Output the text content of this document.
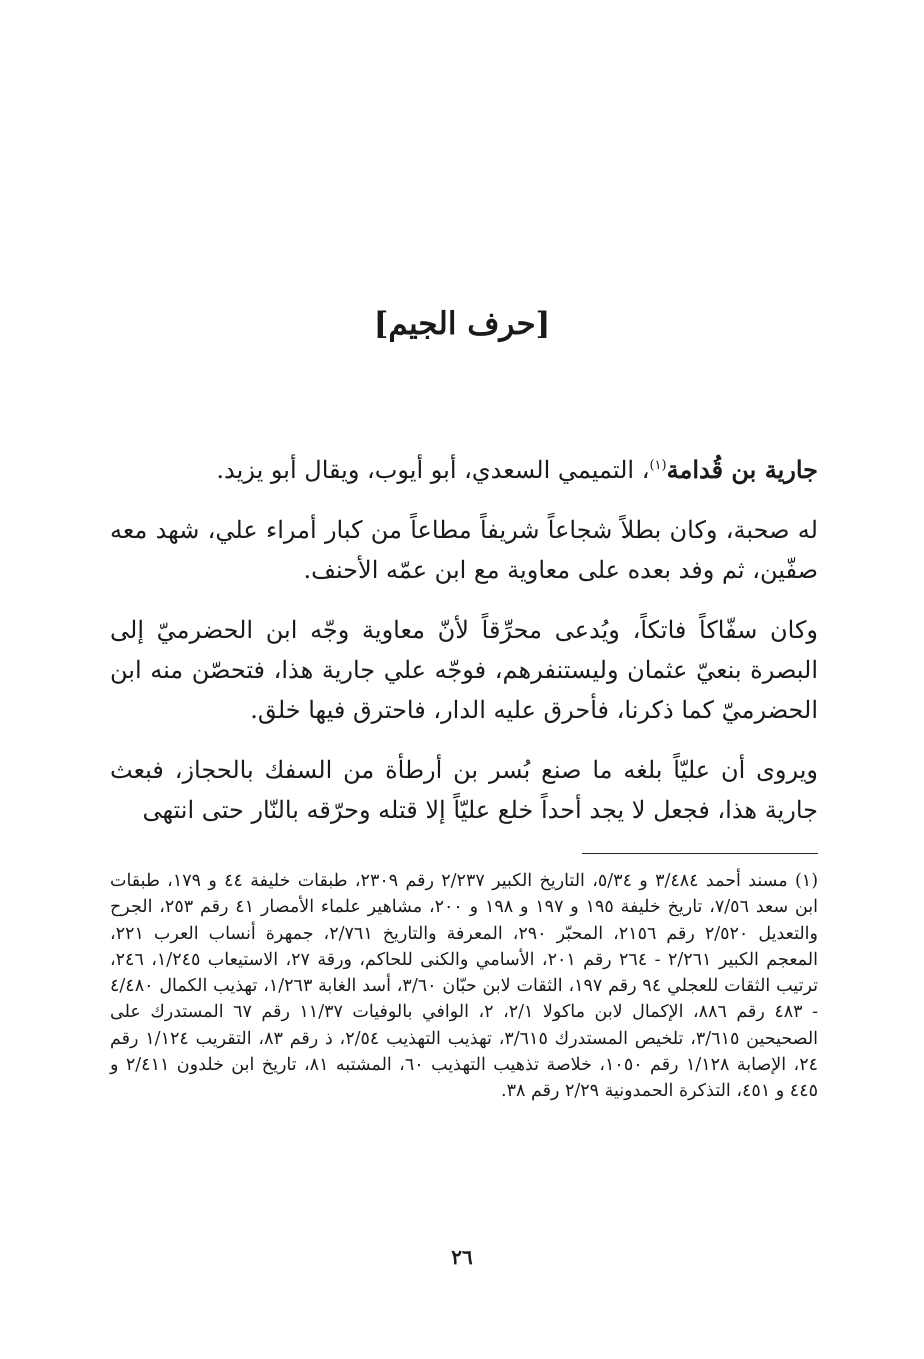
[حرف الجيم]

جارية بن قُدامة$^{(١)}$، التميمي السعدي، أبو أيوب، ويقال أبو يزيد.

له صحبة، وكان بطلاً شجاعاً شريفاً مطاعاً من كبار أمراء علي، شهد معه صفّين، ثم وفد بعده على معاوية مع ابن عمّه الأحنف.

وكان سفّاكاً فاتكاً، ويُدعى محرِّقاً لأنّ معاوية وجّه ابن الحضرميّ إلى البصرة بنعيّ عثمان وليستنفرهم، فوجّه علي جارية هذا، فتحصّن منه ابن الحضرميّ كما ذكرنا، فأحرق عليه الدار، فاحترق فيها خلق.

ويروى أن عليّاً بلغه ما صنع بُسر بن أرطأة من السفك بالحجاز، فبعث جارية هذا، فجعل لا يجد أحداً خلع عليّاً إلا قتله وحرّقه بالنّار حتى انتهى

(١) مسند أحمد ٣/٤٨٤ و ٥/٣٤، التاريخ الكبير ٢/٢٣٧ رقم ٢٣٠٩، طبقات خليفة ٤٤ و ١٧٩، طبقات ابن سعد ٧/٥٦، تاريخ خليفة ١٩٥ و ١٩٧ و ١٩٨ و ٢٠٠، مشاهير علماء الأمصار ٤١ رقم ٢٥٣، الجرح والتعديل ٢/٥٢٠ رقم ٢١٥٦، المحبّر ٢٩٠، المعرفة والتاريخ ٢/٧٦١، جمهرة أنساب العرب ٢٢١، المعجم الكبير ٢/٢٦١ - ٢٦٤ رقم ٢٠١، الأسامي والكنى للحاكم، ورقة ٢٧، الاستيعاب ١/٢٤٥، ٢٤٦، ترتيب الثقات للعجلي ٩٤ رقم ١٩٧، الثقات لابن حبّان ٣/٦٠، أسد الغابة ١/٢٦٣، تهذيب الكمال ٤/٤٨٠ - ٤٨٣ رقم ٨٨٦، الإكمال لابن ماكولا ٢/١، ٢، الوافي بالوفيات ١١/٣٧ رقم ٦٧ المستدرك على الصحيحين ٣/٦١٥، تلخيص المستدرك ٣/٦١٥، تهذيب التهذيب ٢/٥٤، ذ رقم ٨٣، التقريب ١/١٢٤ رقم ٢٤، الإصابة ١/١٢٨ رقم ١٠٥٠، خلاصة تذهيب التهذيب ٦٠، المشتبه ٨١، تاريخ ابن خلدون ٢/٤١١ و ٤٤٥ و ٤٥١، التذكرة الحمدونية ٢/٢٩ رقم ٣٨.

٢٦
